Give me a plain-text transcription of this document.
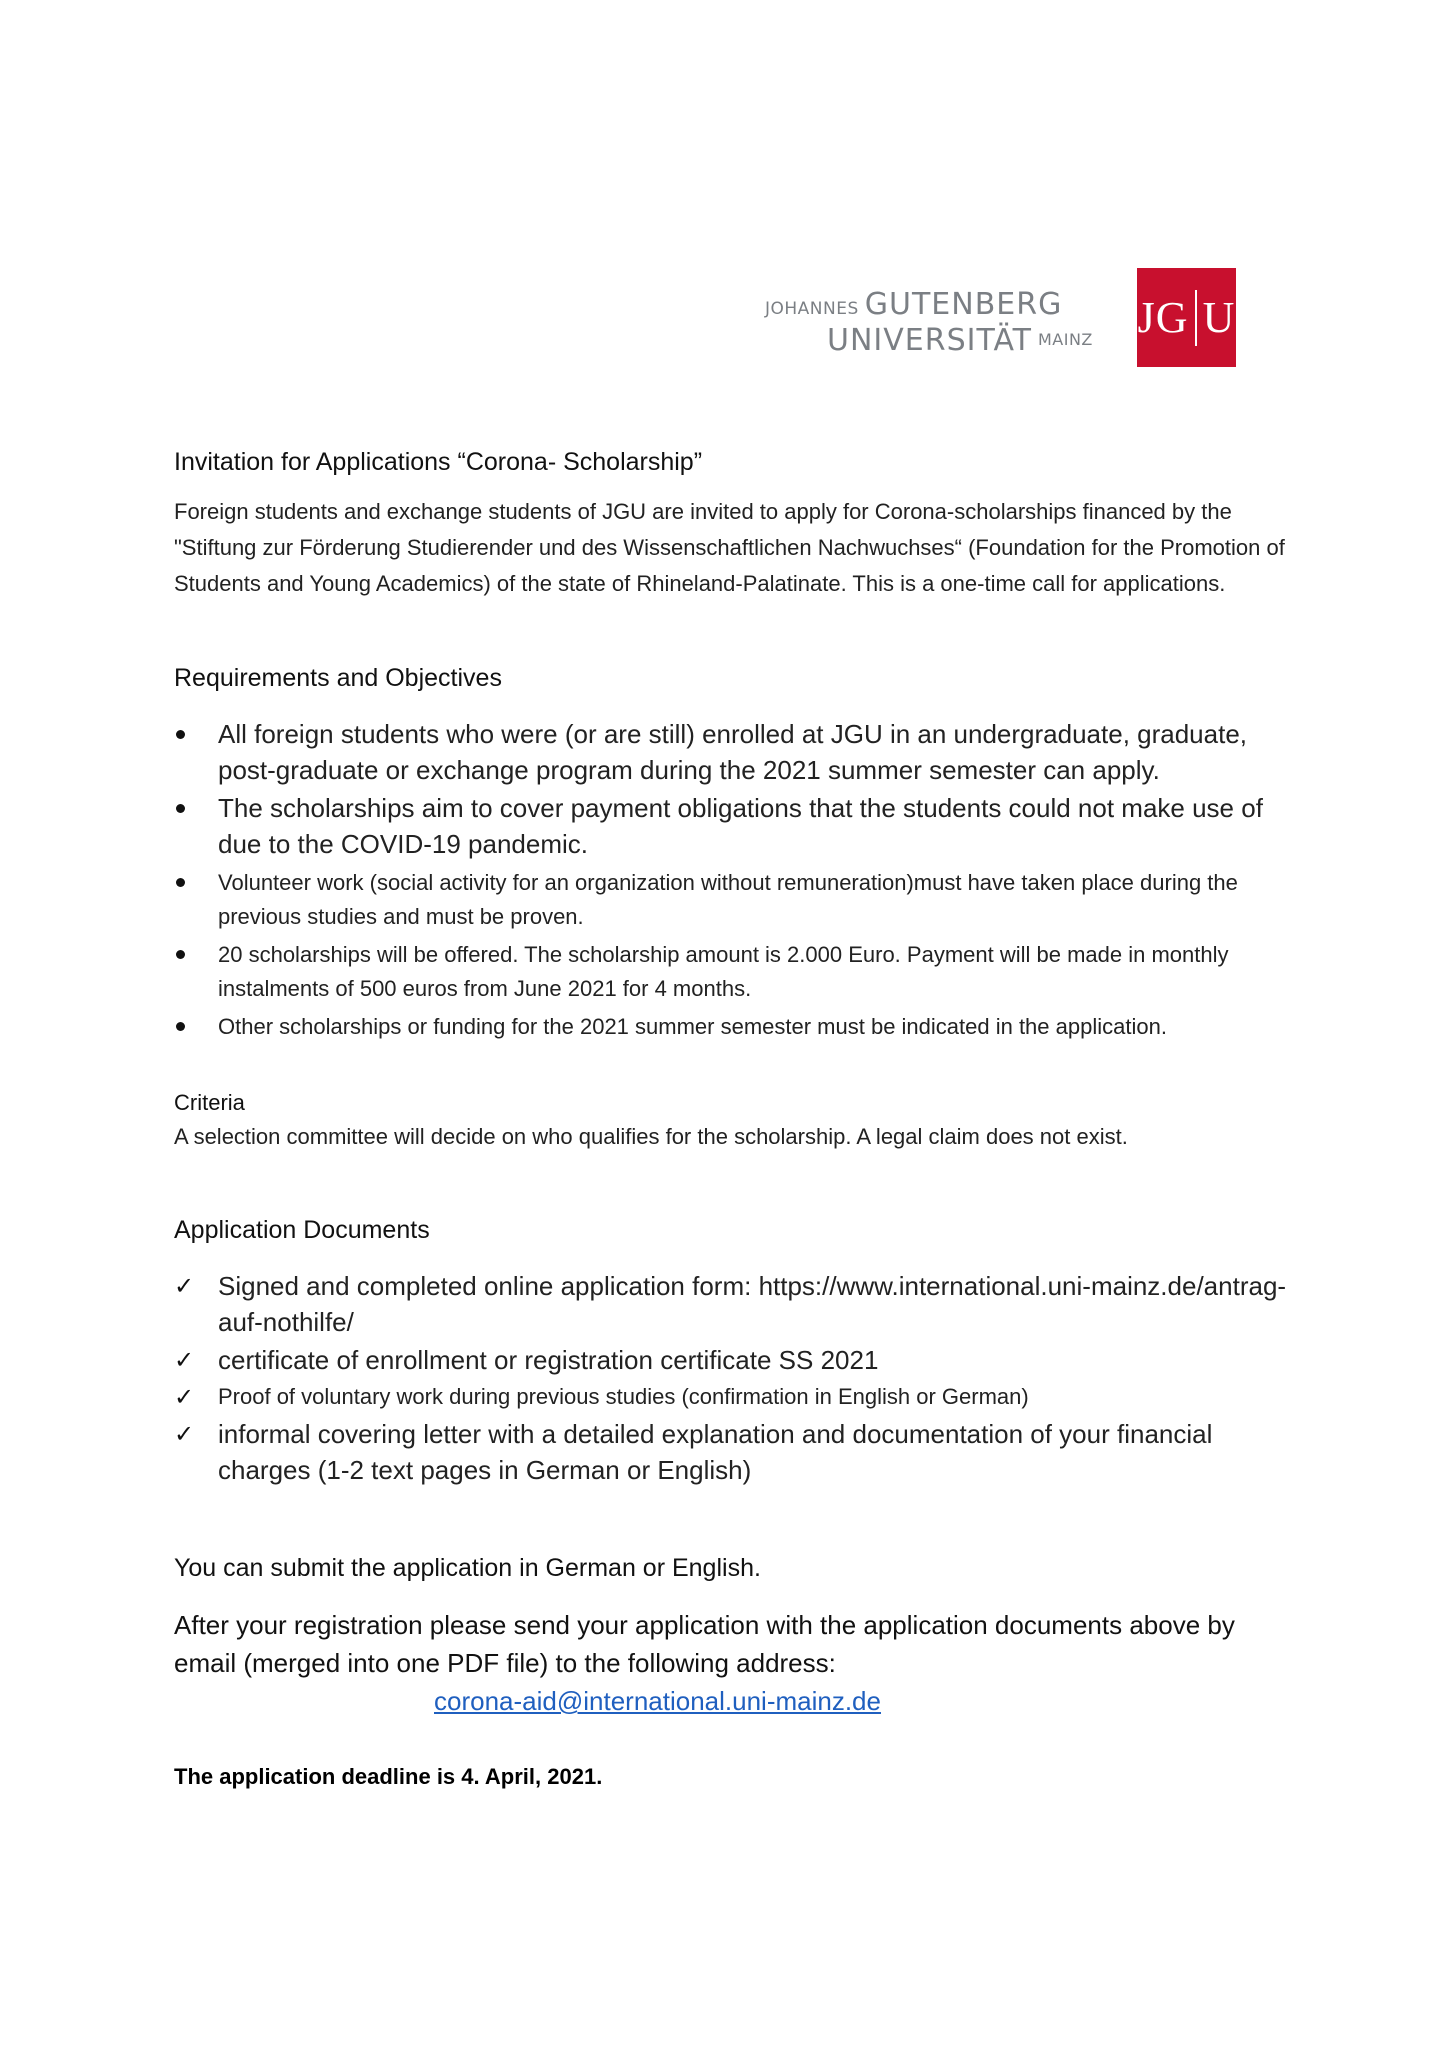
JOHANNES GUTENBERG
UNIVERSITÄT MAINZ JG U
Invitation for Applications “Corona- Scholarship”

Foreign students and exchange students of JGU are invited to apply for Corona-scholarships financed by the "Stiftung zur Förderung Studierender und des Wissenschaftlichen Nachwuchses“ (Foundation for the Promotion of Students and Young Academics) of the state of Rhineland-Palatinate. This is a one-time call for applications.

Requirements and Objectives
All foreign students who were (or are still) enrolled at JGU in an undergraduate, graduate, post-graduate or exchange program during the 2021 summer semester can apply.
The scholarships aim to cover payment obligations that the students could not make use of due to the COVID-19 pandemic.
Volunteer work (social activity for an organization without remuneration)must have taken place during the previous studies and must be proven.
20 scholarships will be offered. The scholarship amount is 2.000 Euro. Payment will be made in monthly instalments of 500 euros from June 2021 for 4 months.
Other scholarships or funding for the 2021 summer semester must be indicated in the application.

Criteria

A selection committee will decide on who qualifies for the scholarship. A legal claim does not exist.

Application Documents
✓ Signed and completed online application form: https://www.international.uni-mainz.de/antrag-auf-nothilfe/
✓ certificate of enrollment or registration certificate SS 2021
✓ Proof of voluntary work during previous studies (confirmation in English or German)
✓ informal covering letter with a detailed explanation and documentation of your financial charges (1-2 text pages in German or English)

You can submit the application in German or English.

After your registration please send your application with the application documents above by email (merged into one PDF file) to the following address:

corona-aid@international.uni-mainz.de

The application deadline is 4. April, 2021.
